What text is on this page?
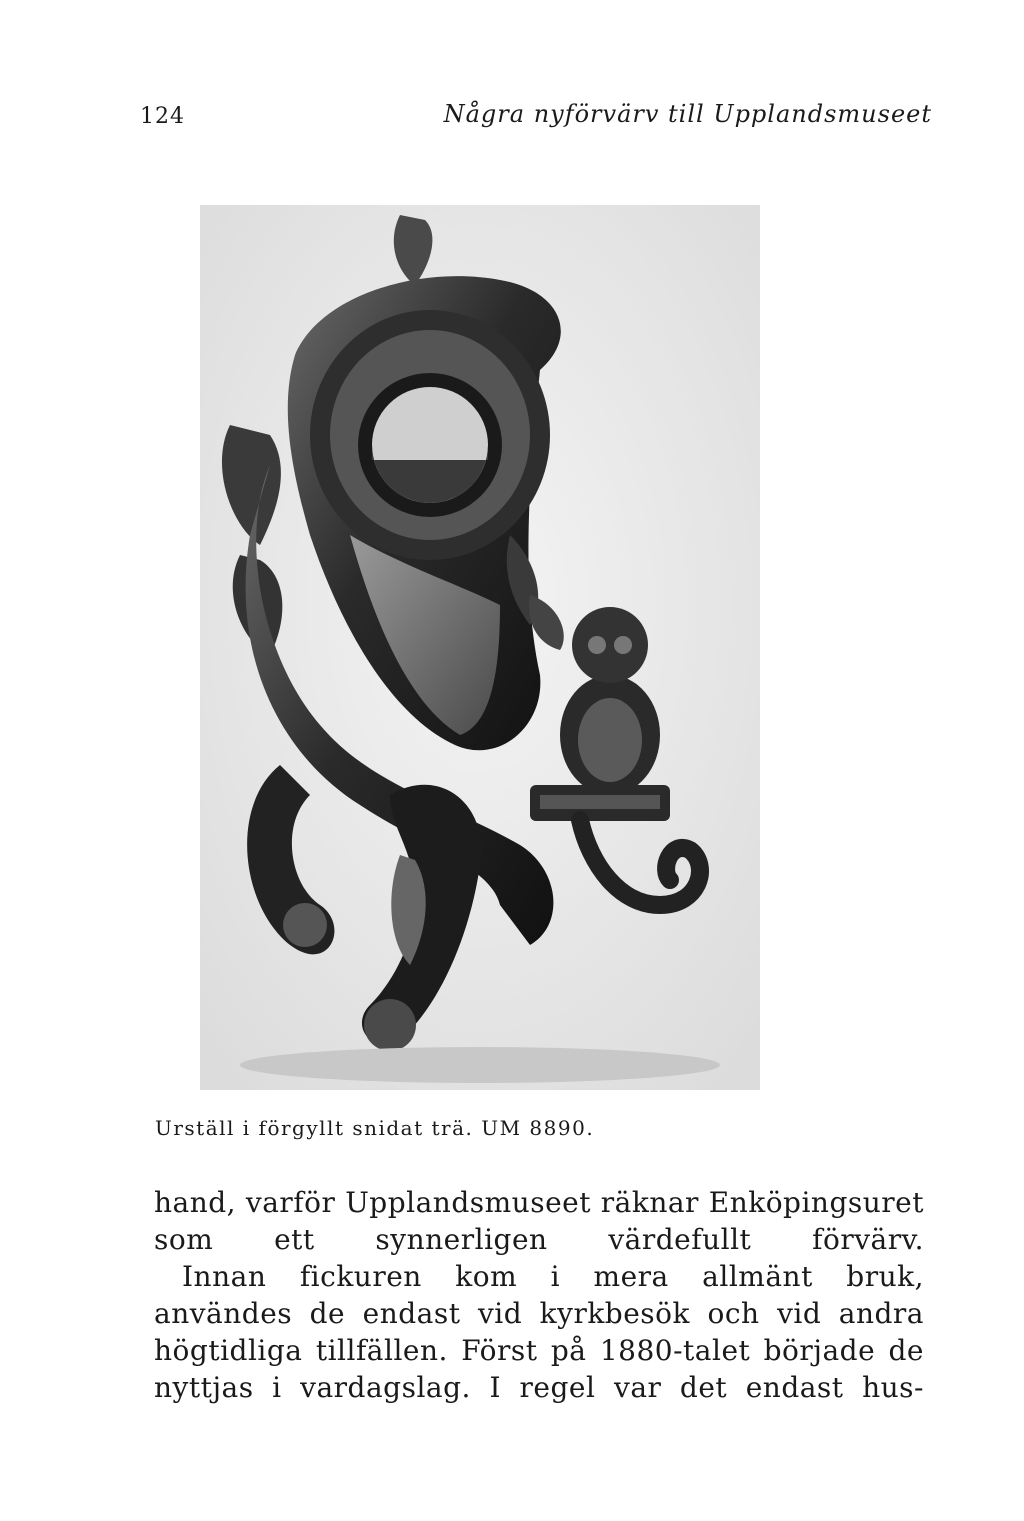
124	Några nyförvärv till Upplandsmuseet
Urställ i förgyllt snidat trä. UM 8890.

hand, varför Upplandsmuseet räknar Enköpingsuret som ett synnerligen värdefullt förvärv.

Innan fickuren kom i mera allmänt bruk, användes de endast vid kyrkbesök och vid andra högtidliga tillfällen. Först på 1880-talet började de nyttjas i vardagslag. I regel var det endast hus-
